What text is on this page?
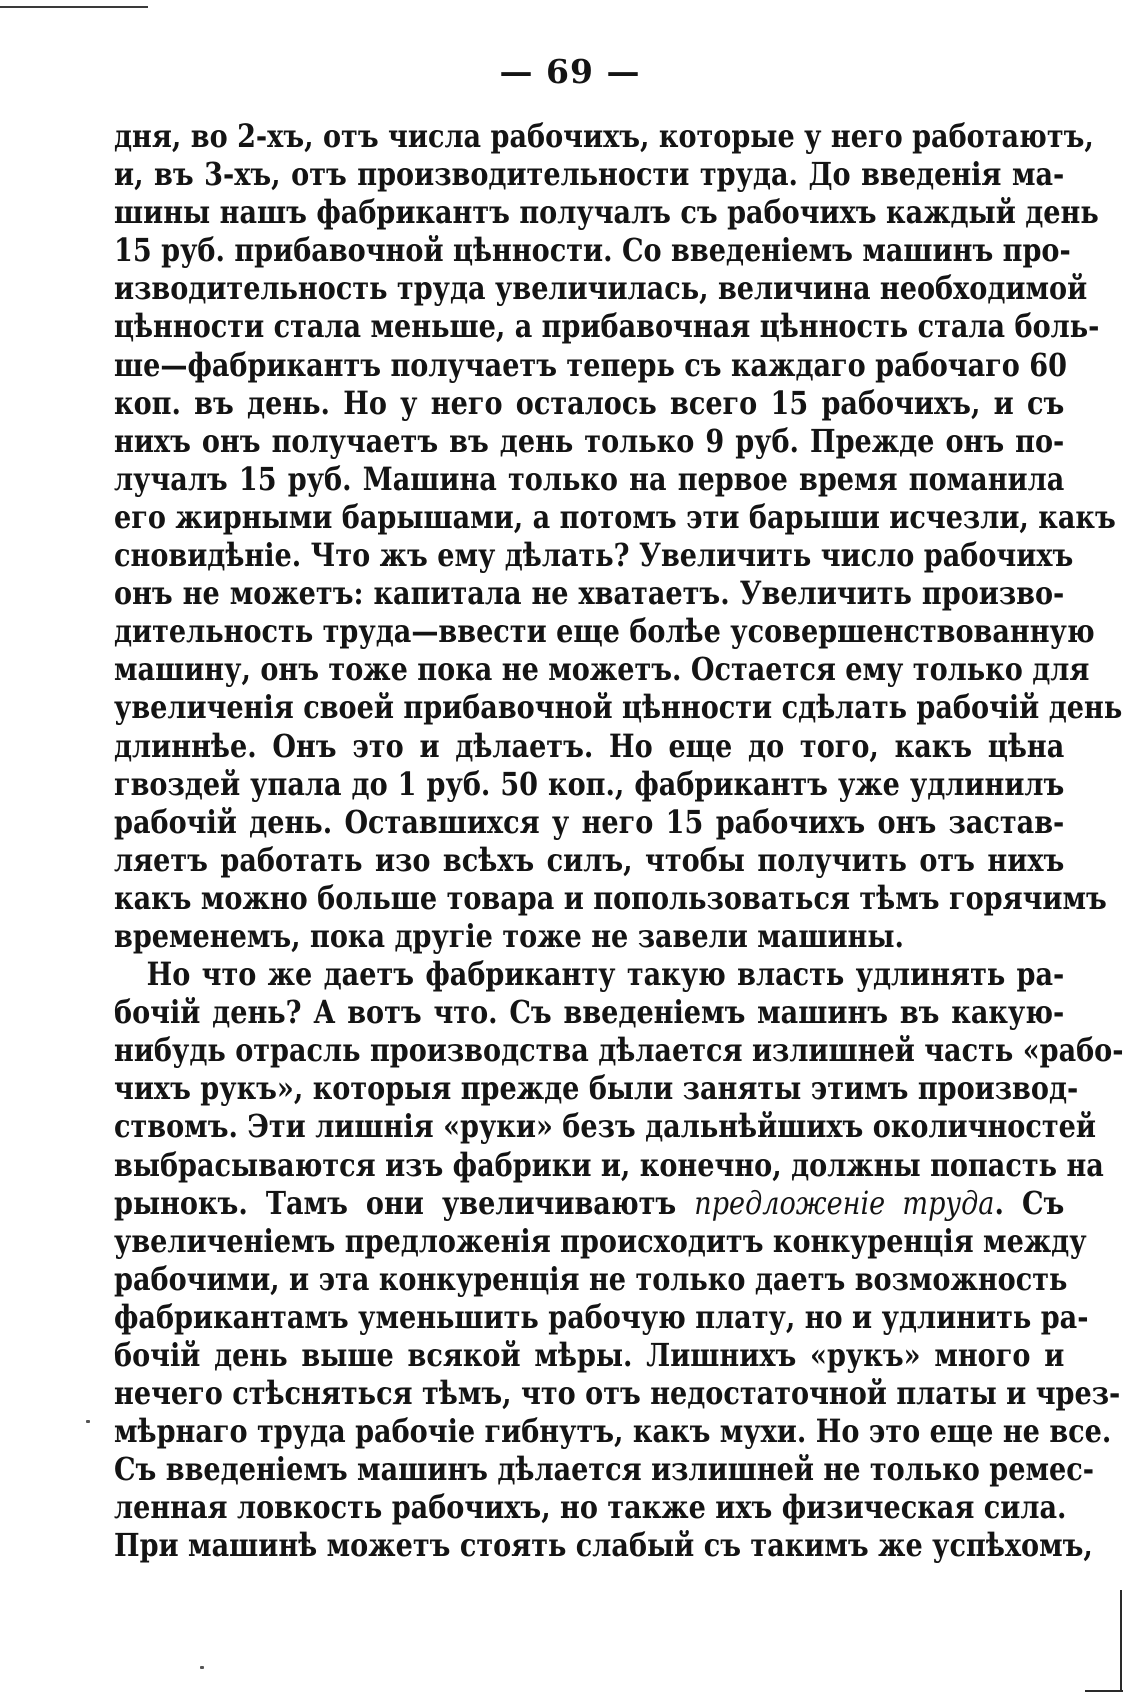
— 69 —
дня, во 2-хъ, отъ числа рабочихъ, которые у него работаютъ,
и, въ 3-хъ, отъ производительности труда. До введенія ма-
шины нашъ фабрикантъ получалъ съ рабочихъ каждый день
15 руб. прибавочной цѣнности. Со введеніемъ машинъ про-
изводительность труда увеличилась, величина необходимой
цѣнности стала меньше, а прибавочная цѣнность стала боль-
ше—фабрикантъ получаетъ теперь съ каждаго рабочаго 60
коп. въ день. Но у него осталось всего 15 рабочихъ, и съ
нихъ онъ получаетъ въ день только 9 руб. Прежде онъ по-
лучалъ 15 руб. Машина только на первое время поманила
его жирными барышами, а потомъ эти барыши исчезли, какъ
сновидѣніе. Что жъ ему дѣлать? Увеличить число рабочихъ
онъ не можетъ: капитала не хватаетъ. Увеличить произво-
дительность труда—ввести еще болѣе усовершенствованную
машину, онъ тоже пока не можетъ. Остается ему только для
увеличенія своей прибавочной цѣнности сдѣлать рабочій день
длиннѣе. Онъ это и дѣлаетъ. Но еще до того, какъ цѣна
гвоздей упала до 1 руб. 50 коп., фабрикантъ уже удлинилъ
рабочій день. Оставшихся у него 15 рабочихъ онъ застав-
ляетъ работать изо всѣхъ силъ, чтобы получить отъ нихъ
какъ можно больше товара и попользоваться тѣмъ горячимъ
временемъ, пока другіе тоже не завели машины.
Но что же даетъ фабриканту такую власть удлинять ра-
бочій день? А вотъ что. Съ введеніемъ машинъ въ какую-
нибудь отрасль производства дѣлается излишней часть «рабо-
чихъ рукъ», которыя прежде были заняты этимъ производ-
ствомъ. Эти лишнія «руки» безъ дальнѣйшихъ околичностей
выбрасываются изъ фабрики и, конечно, должны попасть на
рынокъ. Тамъ они увеличиваютъ предложеніе труда. Съ
увеличеніемъ предложенія происходитъ конкуренція между
рабочими, и эта конкуренція не только даетъ возможность
фабрикантамъ уменьшить рабочую плату, но и удлинить ра-
бочій день выше всякой мѣры. Лишнихъ «рукъ» много и
нечего стѣсняться тѣмъ, что отъ недостаточной платы и чрез-
мѣрнаго труда рабочіе гибнутъ, какъ мухи. Но это еще не все.
Съ введеніемъ машинъ дѣлается излишней не только ремес-
ленная ловкость рабочихъ, но также ихъ физическая сила.
При машинѣ можетъ стоять слабый съ такимъ же успѣхомъ,
